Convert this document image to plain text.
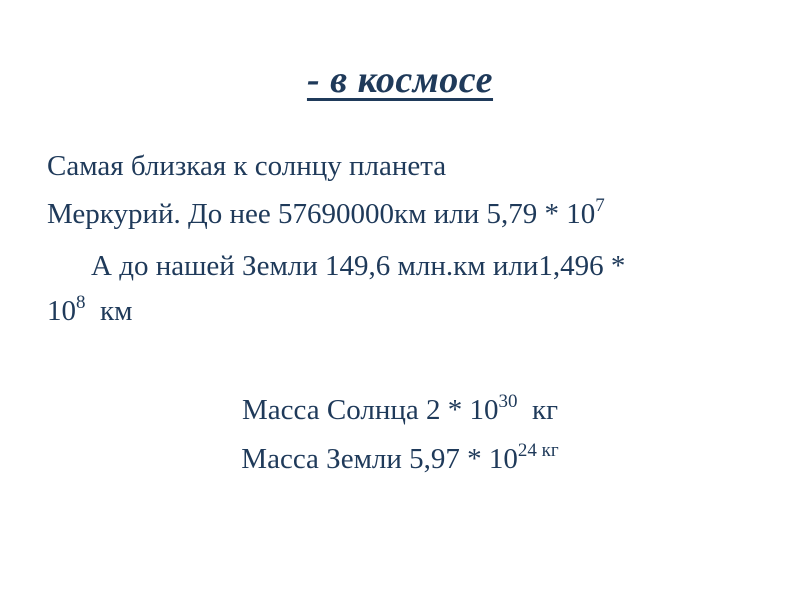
- в космосе
Самая близкая к солнцу планета
Меркурий. До нее 57690000км или $5,79 * 10^7$
А до нашей Земли 149,6 млн.км или1,496 *
$10^8$ км
Масса Солнца $2 * 10^{30}$ кг
Масса Земли $5,97 * 10^{24 кг}$
